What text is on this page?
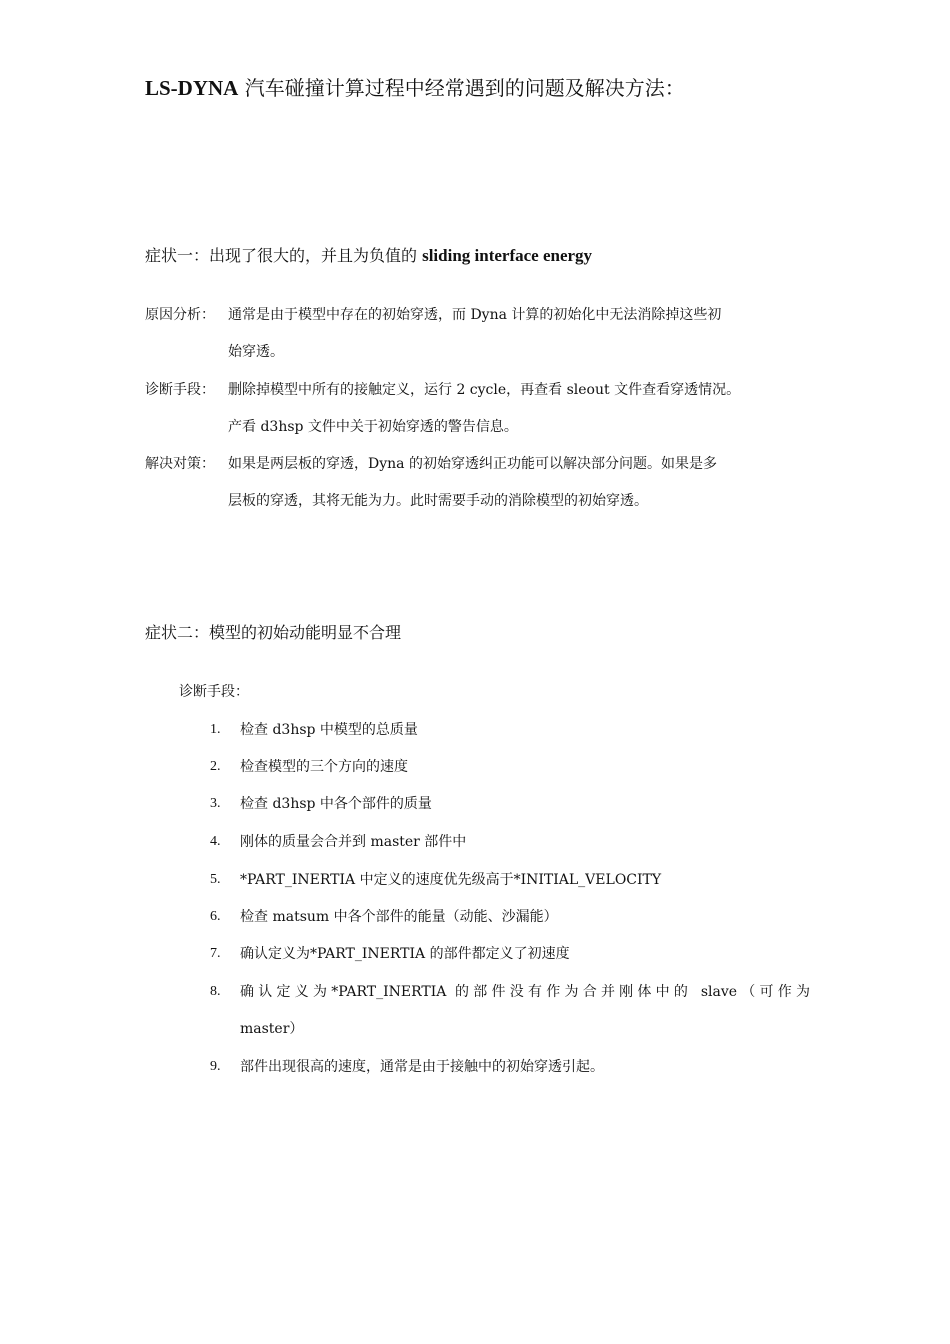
LS-DYNA 汽车碰撞计算过程中经常遇到的问题及解决方法：
症状一：出现了很大的，并且为负值的 sliding interface energy
原因分析： 通常是由于模型中存在的初始穿透，而 Dyna 计算的初始化中无法消除掉这些初
始穿透。
诊断手段： 删除掉模型中所有的接触定义，运行 2 cycle，再查看 sleout 文件查看穿透情况。
产看 d3hsp 文件中关于初始穿透的警告信息。
解决对策： 如果是两层板的穿透，Dyna 的初始穿透纠正功能可以解决部分问题。如果是多
层板的穿透，其将无能为力。此时需要手动的消除模型的初始穿透。
症状二：模型的初始动能明显不合理
诊断手段：
1.	检查 d3hsp 中模型的总质量
2.	检查模型的三个方向的速度
3.	检查 d3hsp 中各个部件的质量
4.	刚体的质量会合并到 master 部件中
5.	*PART_INERTIA 中定义的速度优先级高于*INITIAL_VELOCITY
6.	检查 matsum 中各个部件的能量（动能、沙漏能）
7.	确认定义为*PART_INERTIA 的部件都定义了初速度
8.	确认定义为*PART_INERTIA 的部件没有作为合并刚体中的 slave（可作为
master）
9.	部件出现很高的速度，通常是由于接触中的初始穿透引起。
